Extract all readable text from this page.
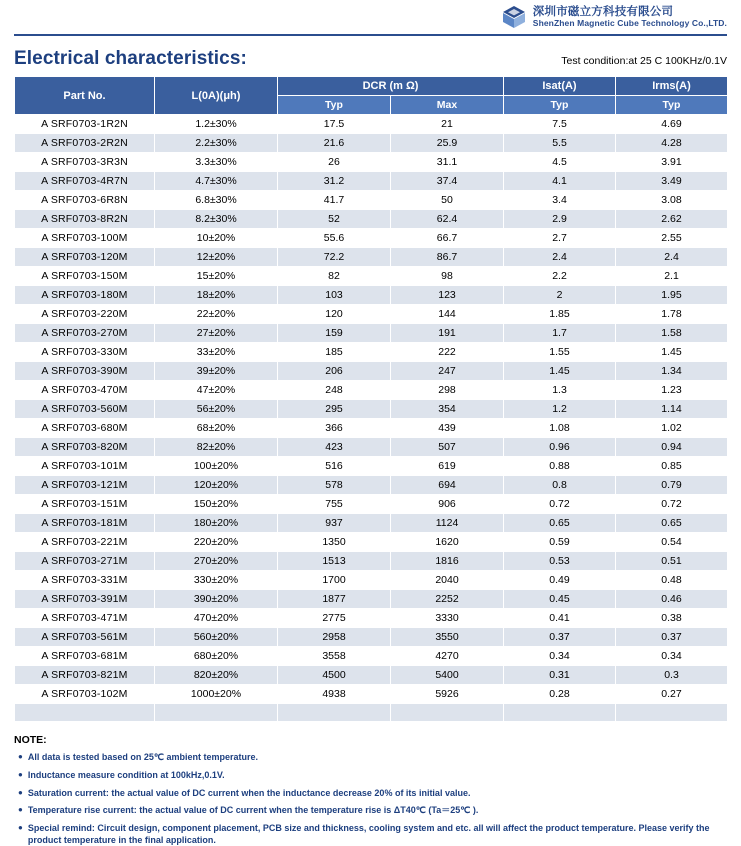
深圳市磁立方科技有限公司
ShenZhen Magnetic Cube Technology Co.,LTD.
Electrical characteristics:	Test condition:at 25 C 100KHz/0.1V
Part No.	L(0A)(μh)	DCR (m Ω)		Isat(A)	Irms(A)
		Typ	Max	Typ	Typ
A SRF0703-1R2N	1.2±30%	17.5	21	7.5	4.69
A SRF0703-2R2N	2.2±30%	21.6	25.9	5.5	4.28
A SRF0703-3R3N	3.3±30%	26	31.1	4.5	3.91
A SRF0703-4R7N	4.7±30%	31.2	37.4	4.1	3.49
A SRF0703-6R8N	6.8±30%	41.7	50	3.4	3.08
A SRF0703-8R2N	8.2±30%	52	62.4	2.9	2.62
A SRF0703-100M	10±20%	55.6	66.7	2.7	2.55
A SRF0703-120M	12±20%	72.2	86.7	2.4	2.4
A SRF0703-150M	15±20%	82	98	2.2	2.1
A SRF0703-180M	18±20%	103	123	2	1.95
A SRF0703-220M	22±20%	120	144	1.85	1.78
A SRF0703-270M	27±20%	159	191	1.7	1.58
A SRF0703-330M	33±20%	185	222	1.55	1.45
A SRF0703-390M	39±20%	206	247	1.45	1.34
A SRF0703-470M	47±20%	248	298	1.3	1.23
A SRF0703-560M	56±20%	295	354	1.2	1.14
A SRF0703-680M	68±20%	366	439	1.08	1.02
A SRF0703-820M	82±20%	423	507	0.96	0.94
A SRF0703-101M	100±20%	516	619	0.88	0.85
A SRF0703-121M	120±20%	578	694	0.8	0.79
A SRF0703-151M	150±20%	755	906	0.72	0.72
A SRF0703-181M	180±20%	937	1124	0.65	0.65
A SRF0703-221M	220±20%	1350	1620	0.59	0.54
A SRF0703-271M	270±20%	1513	1816	0.53	0.51
A SRF0703-331M	330±20%	1700	2040	0.49	0.48
A SRF0703-391M	390±20%	1877	2252	0.45	0.46
A SRF0703-471M	470±20%	2775	3330	0.41	0.38
A SRF0703-561M	560±20%	2958	3550	0.37	0.37
A SRF0703-681M	680±20%	3558	4270	0.34	0.34
A SRF0703-821M	820±20%	4500	5400	0.31	0.3
A SRF0703-102M	1000±20%	4938	5926	0.28	0.27

NOTE:
● All data is tested based on 25℃ ambient temperature.
● Inductance measure condition at 100kHz,0.1V.
● Saturation current: the actual value of DC current when the inductance decrease 20% of its initial value.
● Temperature rise current: the actual value of DC current when the temperature rise is ΔT40℃ (Ta＝25℃ ).
● Special remind: Circuit design, component placement, PCB size and thickness, cooling system and etc. all will affect the product temperature. Please verify the product temperature in the final application.
